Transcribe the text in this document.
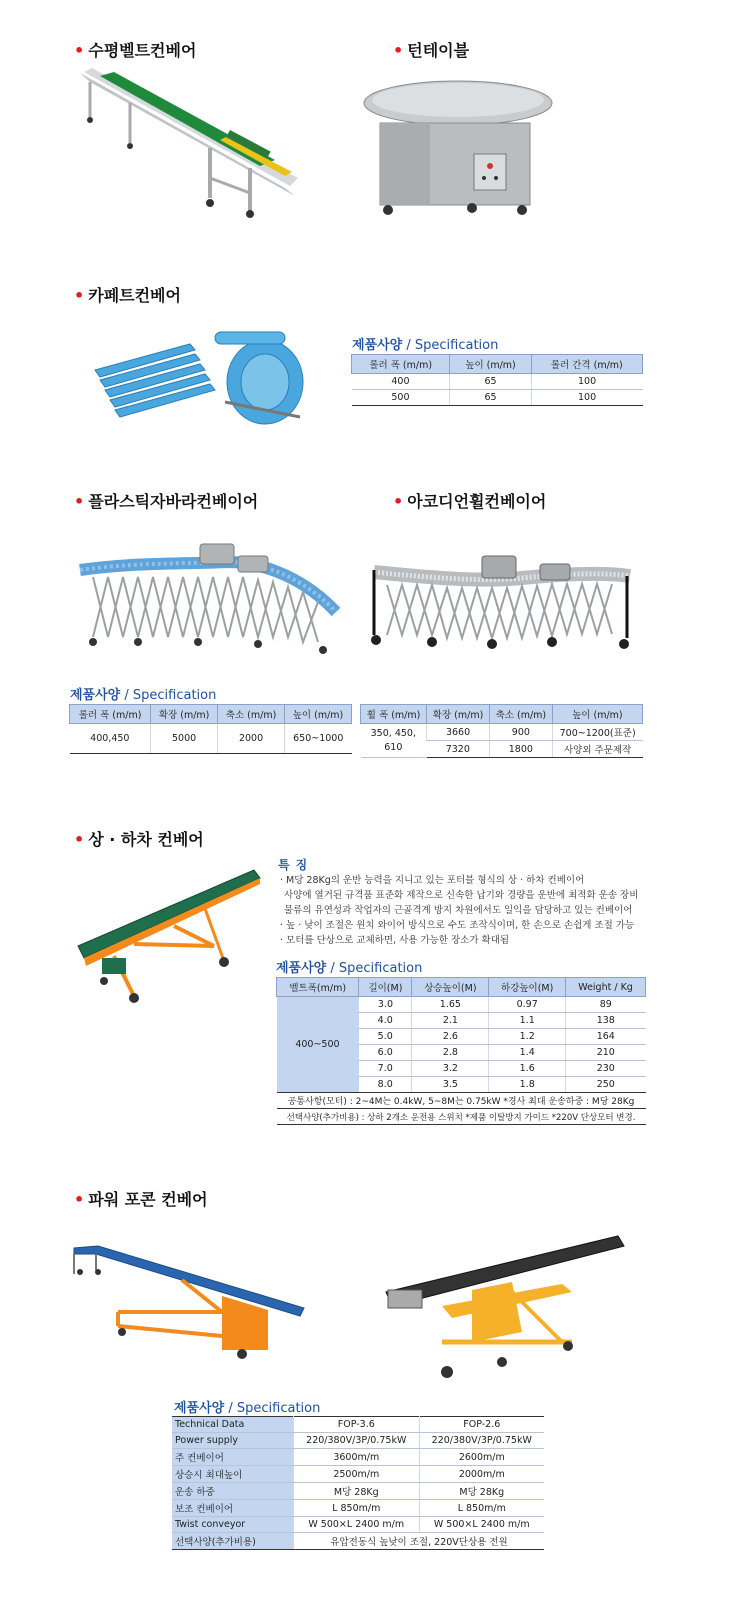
• 수평벨트컨베어	• 턴테이블
• 카페트컨베어
제품사양 / Specification
롤러 폭 (m/m)	높이 (m/m)	롤러 간격 (m/m)
400	65	100
500	65	100
• 플라스틱자바라컨베이어	• 아코디언휠컨베이어
제품사양 / Specification
롤러 폭 (m/m)	확장 (m/m)	축소 (m/m)	높이 (m/m)
400,450	5000	2000	650~1000
휠 폭 (m/m)	확장 (m/m)	축소 (m/m)	높이 (m/m)
350, 450,
610	3660	900	700~1200(표준)
	7320	1800	사양외 주문제작
• 상 · 하차 컨베어
특징
· M당 28Kg의 운반 능력을 지니고 있는 포터블 형식의 상 · 하차 컨베이어
사양에 열거된 규격품 표준화 제작으로 신속한 납기와 경량을 운반에 최적화 운송 장비
물류의 유연성과 작업자의 근골격계 방지 차원에서도 일익을 담당하고 있는 컨베이어
· 높 · 낮이 조절은 윈치 와이어 방식으로 수도 조작식이며, 한 손으로 손쉽게 조절 가능
· 모터를 단상으로 교체하면, 사용 가능한 장소가 확대됨
제품사양 / Specification
벨트폭(m/m)	길이(M)	상승높이(M)	하강높이(M)	Weight / Kg
400~500	3.0	1.65	0.97	89
	4.0	2.1	1.1	138
	5.0	2.6	1.2	164
	6.0	2.8	1.4	210
	7.0	3.2	1.6	230
	8.0	3.5	1.8	250
공통사항(모터) : 2~4M는 0.4kW, 5~8M는 0.75kW *경사 최대 운송하중 : M당 28Kg				
선택사양(추가비용) : 상하 2개소 운전용 스위치 *제품 이탈방지 가이드 *220V 단상모터 변경.				
• 파워 포콘 컨베어
제품사양 / Specification
Technical Data	FOP-3.6	FOP-2.6
Power supply	220/380V/3P/0.75kW	220/380V/3P/0.75kW
주 컨베이어	3600m/m	2600m/m
상승시 최대높이	2500m/m	2000m/m
운송 하중	M당 28Kg	M당 28Kg
보조 컨베이어	L 850m/m	L 850m/m
Twist conveyor	W 500×L 2400 m/m	W 500×L 2400 m/m
선택사양(추가비용)	유압전동식 높낮이 조절, 220V단상용 전원	
